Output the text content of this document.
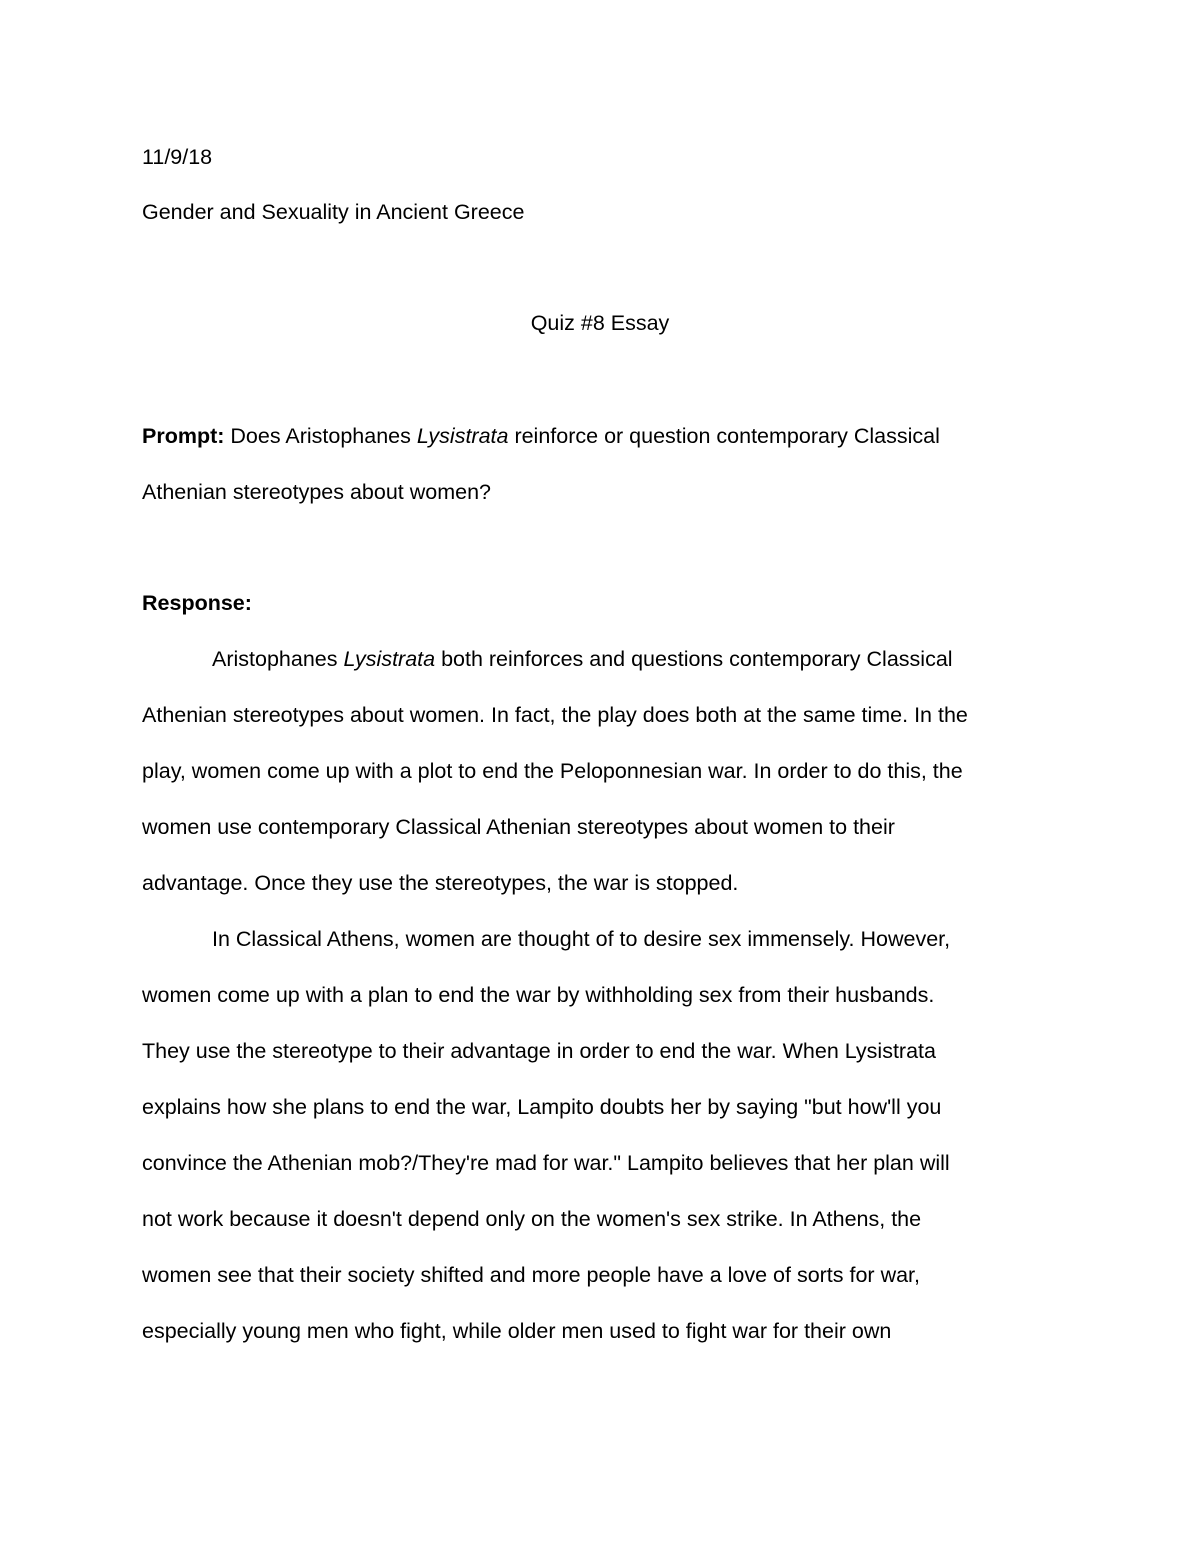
11/9/18
Gender and Sexuality in Ancient Greece
Quiz #8 Essay
Prompt: Does Aristophanes Lysistrata reinforce or question contemporary Classical
Athenian stereotypes about women?
Response:
Aristophanes Lysistrata both reinforces and questions contemporary Classical
Athenian stereotypes about women. In fact, the play does both at the same time. In the
play, women come up with a plot to end the Peloponnesian war. In order to do this, the
women use contemporary Classical Athenian stereotypes about women to their
advantage. Once they use the stereotypes, the war is stopped.
In Classical Athens, women are thought of to desire sex immensely. However,
women come up with a plan to end the war by withholding sex from their husbands.
They use the stereotype to their advantage in order to end the war. When Lysistrata
explains how she plans to end the war, Lampito doubts her by saying "but how'll you
convince the Athenian mob?/They're mad for war." Lampito believes that her plan will
not work because it doesn't depend only on the women's sex strike. In Athens, the
women see that their society shifted and more people have a love of sorts for war,
especially young men who fight, while older men used to fight war for their own
